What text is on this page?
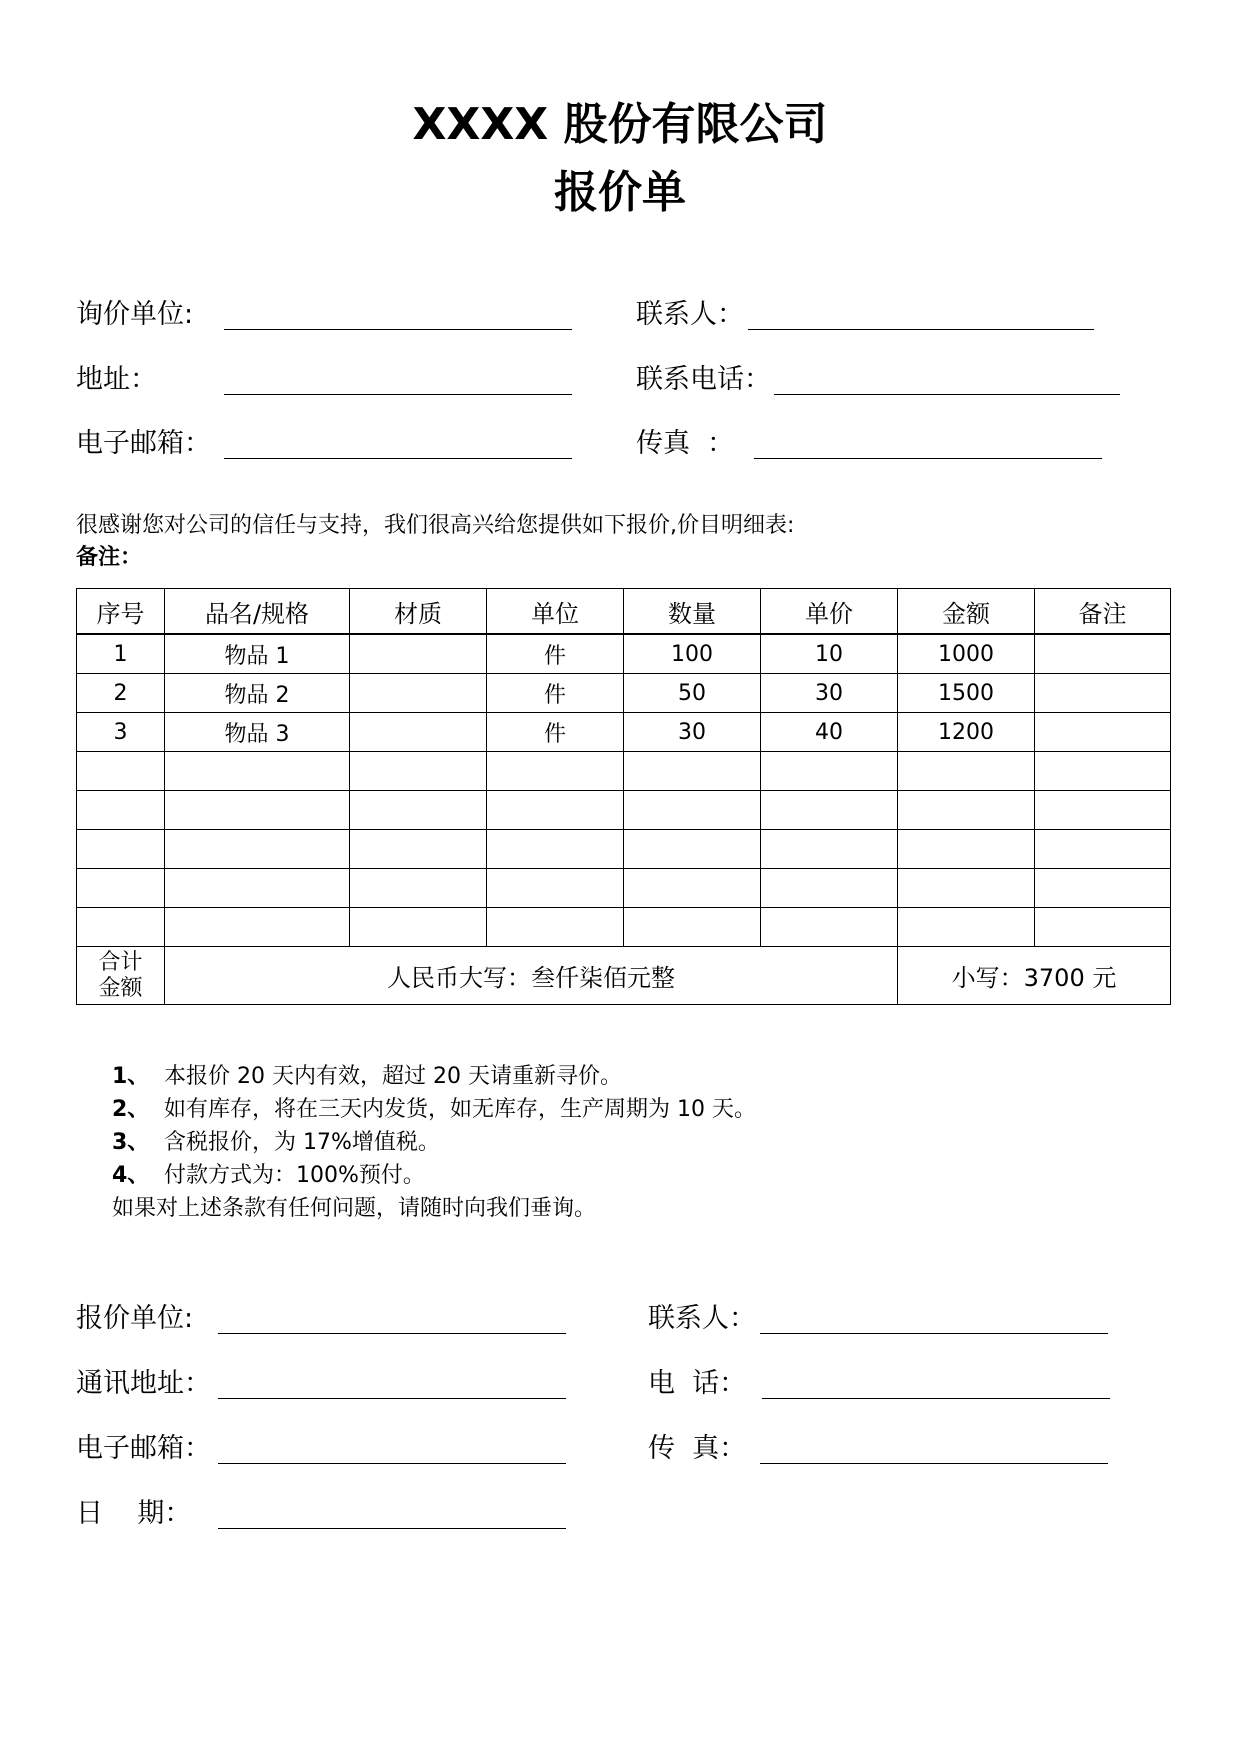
XXXX 股份有限公司
报价单
询价单位:	联系人：
地址：	联系电话：
电子邮箱：	传真  ：
很感谢您对公司的信任与支持，我们很高兴给您提供如下报价,价目明细表:
备注：
序号	品名/规格	材质	单位	数量	单价	金额	备注
1	物品 1		件	100	10	1000	
2	物品 2		件	50	30	1500	
3	物品 3		件	30	40	1200	

合计
金额	人民币大写：叁仟柒佰元整					小写：3700 元	
1、 本报价 20 天内有效，超过 20 天请重新寻价。
2、 如有库存，将在三天内发货，如无库存，生产周期为 10 天。
3、 含税报价，为 17%增值税。
4、 付款方式为：100%预付。
如果对上述条款有任何问题，请随时向我们垂询。
报价单位:	联系人：
通讯地址：	电  话：
电子邮箱：	传  真：
日    期：
